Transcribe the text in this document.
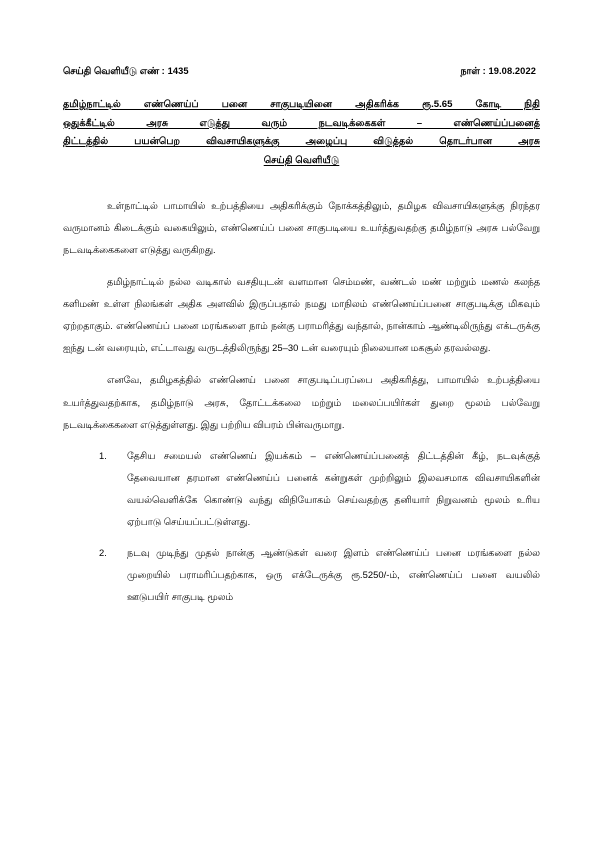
செய்தி வெளியீடு எண் : 1435	நாள் : 19.08.2022
தமிழ்நாட்டில் எண்ணெய்ப் பனை சாகுபடியினை அதிகரிக்க ரூ.5.65 கோடி நிதி
ஒதுக்கீட்டில் அரசு எடுத்து வரும் நடவடிக்கைகள் – எண்ணெய்ப்பனைத்
திட்டத்தில் பயன்பெற விவசாயிகளுக்கு அழைப்பு விடுத்தல் தொடர்பான அரசு
செய்தி வெளியீடு

உள்நாட்டில் பாமாயில் உற்பத்தியை அதிகரிக்கும் நோக்கத்திலும், தமிழக விவசாயிகளுக்கு நிரந்தர வருமானம் கிடைக்கும் வகையிலும், எண்ணெய்ப் பனை சாகுபடியை உயர்த்துவதற்கு தமிழ்நாடு அரசு பல்வேறு நடவடிக்கைகளை எடுத்து வருகிறது.

தமிழ்நாட்டில் நல்ல வடிகால் வசதியுடன் வளமான செம்மண், வண்டல் மண் மற்றும் மணல் கலந்த களிமண் உள்ள நிலங்கள் அதிக அளவில் இருப்பதால் நமது மாநிலம் எண்ணெய்ப்பனை சாகுபடிக்கு மிகவும் ஏற்றதாகும். எண்ணெய்ப் பனை மரங்களை நாம் நன்கு பராமரித்து வந்தால், நான்காம் ஆண்டிலிருந்து எக்டருக்கு ஐந்து டன் வரையும், எட்டாவது வருடத்திலிருந்து 25–30 டன் வரையும் நிலையான மகசூல் தரவல்லது.

எனவே, தமிழகத்தில் எண்ணெய் பனை சாகுபடிப்பரப்பை அதிகரித்து, பாமாயில் உற்பத்தியை உயர்த்துவதற்காக, தமிழ்நாடு அரசு, தோட்டக்கலை மற்றும் மலைப்பயிர்கள் துறை மூலம் பல்வேறு நடவடிக்கைகளை எடுத்துள்ளது. இது பற்றிய விபரம் பின்வருமாறு.

1.	தேசிய சமையல் எண்ணெய் இயக்கம் – எண்ணெய்ப்பனைத் திட்டத்தின் கீழ், நடவுக்குத் தேவையான தரமான எண்ணெய்ப் பனைக் கன்றுகள் முற்றிலும் இலவசமாக விவசாயிகளின் வயல்வெளிக்கே கொண்டு வந்து விநியோகம் செய்வதற்கு தனியார் நிறுவனம் மூலம் உரிய ஏற்பாடு செய்யப்பட்டுள்ளது.
2.	நடவு முடிந்து முதல் நான்கு ஆண்டுகள் வரை இளம் எண்ணெய்ப் பனை மரங்களை நல்ல முறையில் பராமரிப்பதற்காக, ஒரு எக்டேருக்கு ரூ.5250/-ம், எண்ணெய்ப் பனை வயலில் ஊடுபயிர் சாகுபடி மூலம்
